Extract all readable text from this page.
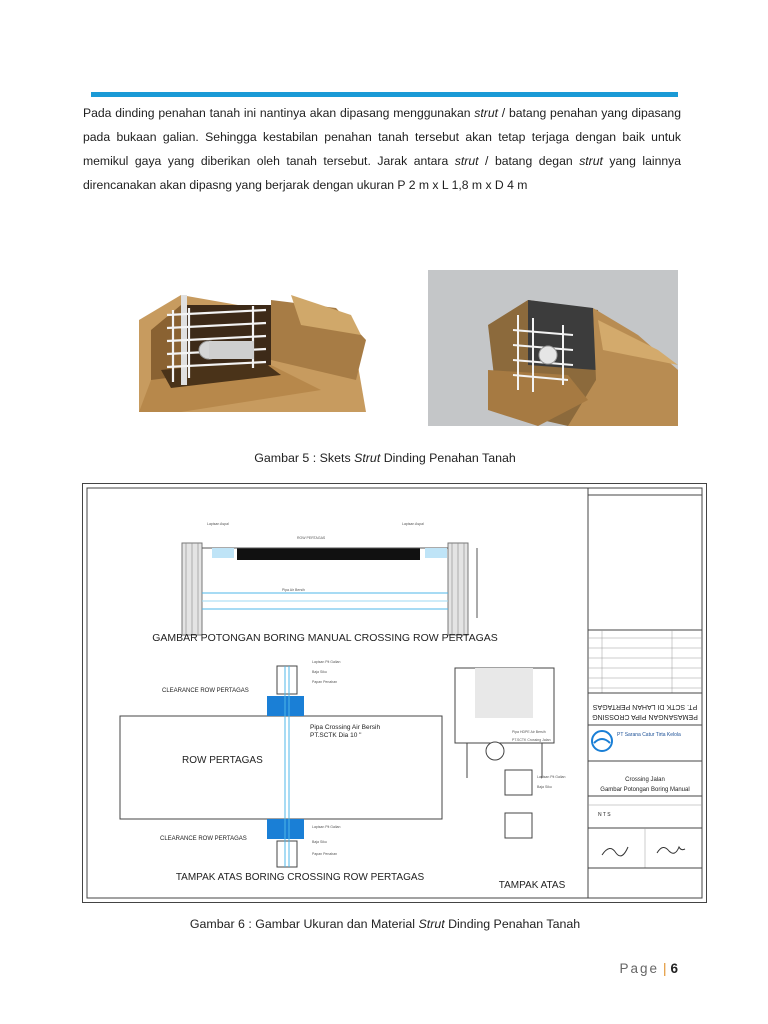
Pada dinding penahan tanah ini nantinya akan dipasang menggunakan strut / batang penahan yang dipasang pada bukaan galian. Sehingga kestabilan penahan tanah tersebut akan tetap terjaga dengan baik untuk memikul gaya yang diberikan oleh tanah tersebut. Jarak antara strut / batang degan strut yang lainnya direncanakan akan dipasng yang berjarak dengan ukuran P 2 m x L 1,8 m x D 4 m
Gambar 5 : Skets Strut Dinding Penahan Tanah
Lapisan Aspal
ROW PERTAGAS
Lapisan Aspal
Pipa Air Bersih
GAMBAR POTONGAN BORING MANUAL CROSSING ROW PERTAGAS
ROW PERTAGAS
CLEARANCE ROW PERTAGAS
CLEARANCE ROW PERTAGAS
Pipa Crossing Air Bersih
PT.SCTK Dia 10 "
Lapisan Pit Galian
Baja Siku
Papan Penahan
Lapisan Pit Galian
Baja Siku
Papan Penahan
TAMPAK ATAS BORING CROSSING ROW PERTAGAS
Pipa HDPE Air Bersih
PT.SCTK Crossing Jalan
Lapisan Pit Galian
Baja Siku
TAMPAK ATAS
PT. SCTK DI LAHAN PERTAGAS
PEMASANGAN PIPA CROSSING
PT Sarana Catur Tirta Kelola
Crossing Jalan
Gambar Potongan Boring Manual
N T S
Gambar 6 : Gambar Ukuran dan Material Strut Dinding Penahan Tanah
Page | 6
